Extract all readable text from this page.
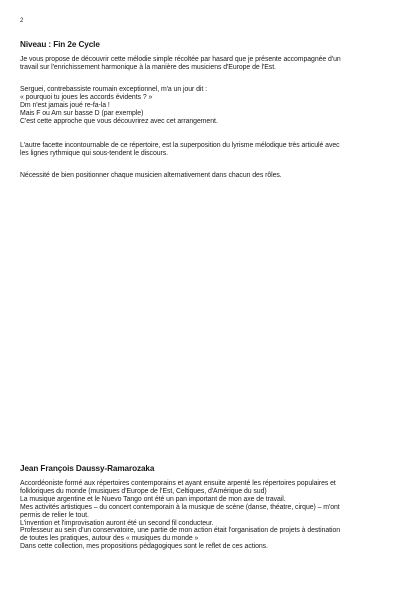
2
Niveau : Fin 2e Cycle

Je vous propose de découvrir cette mélodie simple récoltée par hasard que je présente accompagnée d'un
travail sur l'enrichissement harmonique à la manière des musiciens d'Europe de l'Est.

Serguei, contrebassiste roumain exceptionnel, m'a un jour dit :
« pourquoi tu joues les accords évidents ? »
Dm n'est jamais joué re-fa-la !
Mais F ou Am sur basse D (par exemple)
C'est cette approche que vous découvrirez avec cet arrangement.

L'autre facette incontournable de ce répertoire, est la superposition du lyrisme mélodique très articulé avec
les lignes rythmique qui sous-tendent le discours.

Nécessité de bien positionner chaque musicien alternativement dans chacun des rôles.

Jean François Daussy-Ramarozaka

Accordéoniste formé aux répertoires contemporains et ayant ensuite arpenté les répertoires populaires et
folkloriques du monde (musiques d'Europe de l'Est, Celtiques, d'Amérique du sud)
La musique argentine et le Nuevo Tango ont été un pan important de mon axe de travail.
Mes activités artistiques – du concert contemporain à la musique de scène (danse, théatre, cirque) – m'ont
permis de relier le tout.
L'invention et l'improvisation auront été un second fil conducteur.
Professeur au sein d'un conservatoire, une partie de mon action était l'organisation de projets à destination
de toutes les pratiques, autour des « musiques du monde »
Dans cette collection, mes propositions pédagogiques sont le reflet de ces actions.
